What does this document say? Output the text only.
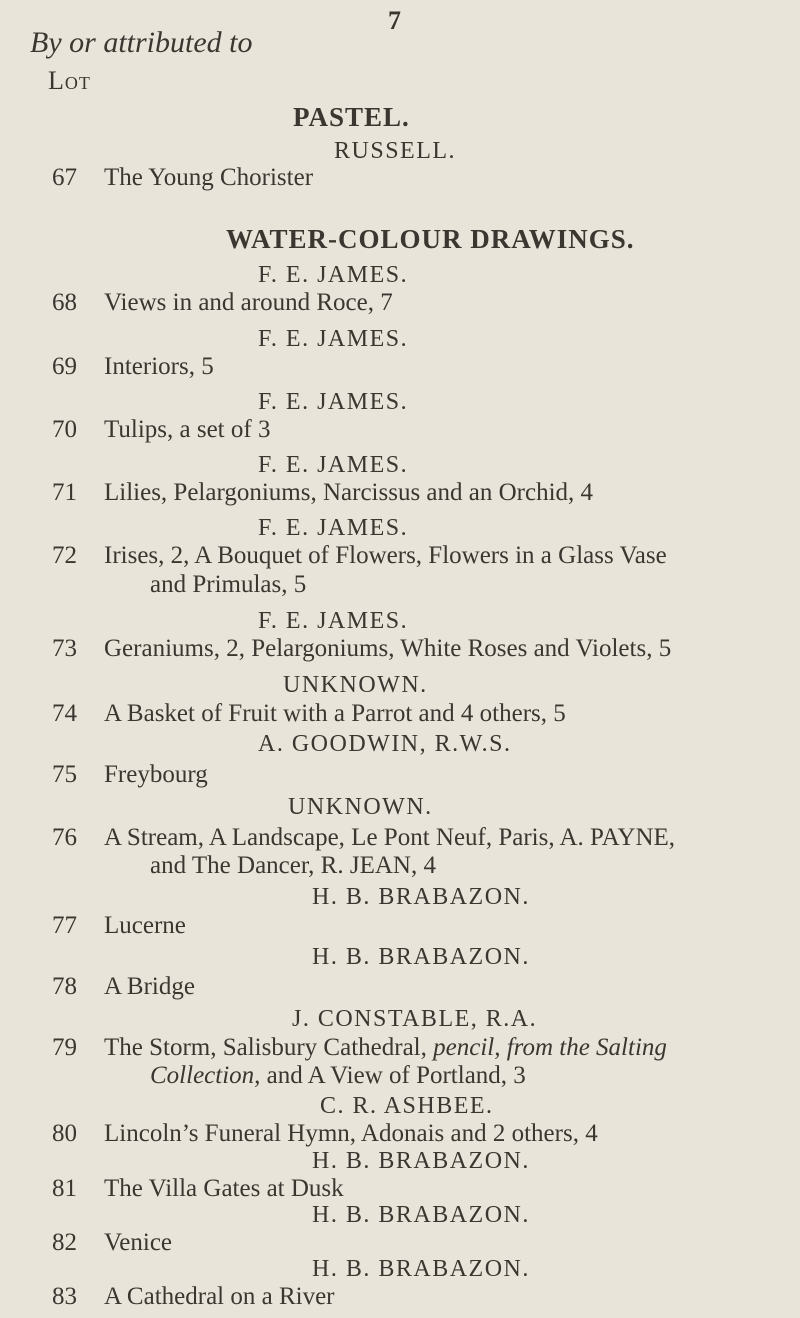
7
By or attributed to
Lot
PASTEL.
RUSSELL.
67 The Young Chorister
WATER-COLOUR DRAWINGS.
F. E. JAMES.
68 Views in and around Roce, 7
F. E. JAMES.
69 Interiors, 5
F. E. JAMES.
70 Tulips, a set of 3
F. E. JAMES.
71 Lilies, Pelargoniums, Narcissus and an Orchid, 4
F. E. JAMES.
72 Irises, 2, A Bouquet of Flowers, Flowers in a Glass Vase
and Primulas, 5
F. E. JAMES.
73 Geraniums, 2, Pelargoniums, White Roses and Violets, 5
UNKNOWN.
74 A Basket of Fruit with a Parrot and 4 others, 5
A. GOODWIN, R.W.S.
75 Freybourg
UNKNOWN.
76 A Stream, A Landscape, Le Pont Neuf, Paris, A. PAYNE,
and The Dancer, R. JEAN, 4
H. B. BRABAZON.
77 Lucerne
H. B. BRABAZON.
78 A Bridge
J. CONSTABLE, R.A.
79 The Storm, Salisbury Cathedral, pencil, from the Salting
Collection, and A View of Portland, 3
C. R. ASHBEE.
80 Lincoln’s Funeral Hymn, Adonais and 2 others, 4
H. B. BRABAZON.
81 The Villa Gates at Dusk
H. B. BRABAZON.
82 Venice
H. B. BRABAZON.
83 A Cathedral on a River
